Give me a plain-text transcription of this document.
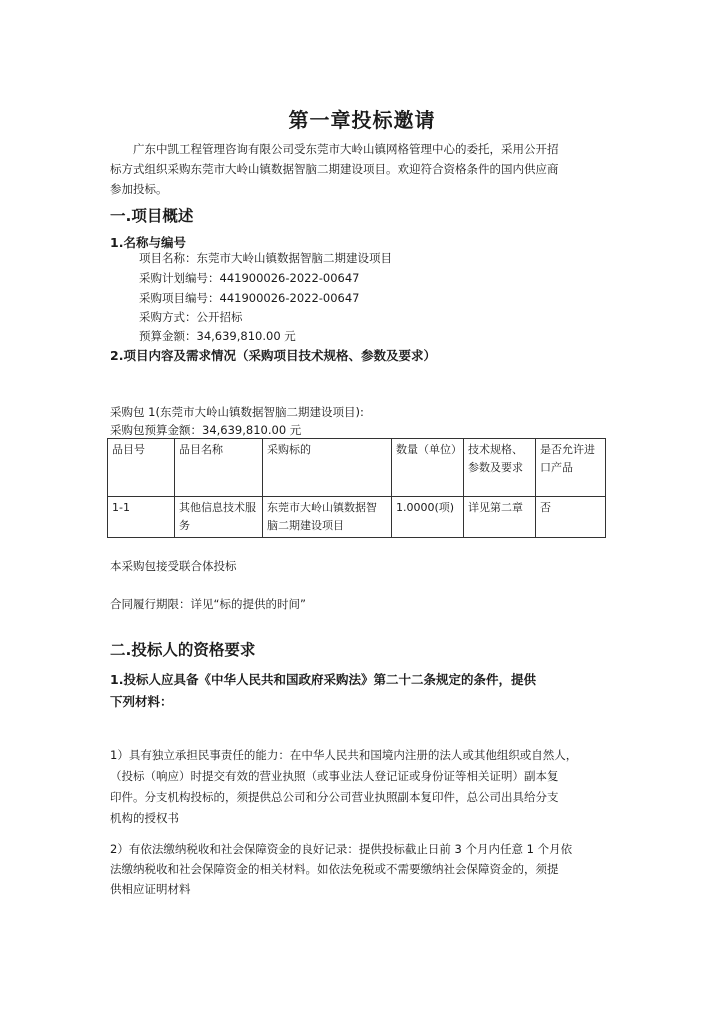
第一章投标邀请
广东中凯工程管理咨询有限公司受东莞市大岭山镇网格管理中心的委托，采用公开招
标方式组织采购东莞市大岭山镇数据智脑二期建设项目。欢迎符合资格条件的国内供应商
参加投标。
一.项目概述
1.名称与编号
项目名称：东莞市大岭山镇数据智脑二期建设项目
采购计划编号：441900026-2022-00647
采购项目编号：441900026-2022-00647
采购方式：公开招标
预算金额：34,639,810.00 元
2.项目内容及需求情况（采购项目技术规格、参数及要求）
采购包 1(东莞市大岭山镇数据智脑二期建设项目):
采购包预算金额：34,639,810.00 元
品目号	品目名称	采购标的	数量（单位）	技术规格、参数及要求	是否允许进口产品
1-1	其他信息技术服务	东莞市大岭山镇数据智脑二期建设项目	1.0000(项)	详见第二章	否
本采购包接受联合体投标
合同履行期限：详见“标的提供的时间”
二.投标人的资格要求
1.投标人应具备《中华人民共和国政府采购法》第二十二条规定的条件，提供
下列材料：
1）具有独立承担民事责任的能力：在中华人民共和国境内注册的法人或其他组织或自然人，
（投标（响应）时提交有效的营业执照（或事业法人登记证或身份证等相关证明）副本复
印件。分支机构投标的，须提供总公司和分公司营业执照副本复印件，总公司出具给分支
机构的授权书
2）有依法缴纳税收和社会保障资金的良好记录：提供投标截止日前 3 个月内任意 1 个月依
法缴纳税收和社会保障资金的相关材料。如依法免税或不需要缴纳社会保障资金的，须提
供相应证明材料
